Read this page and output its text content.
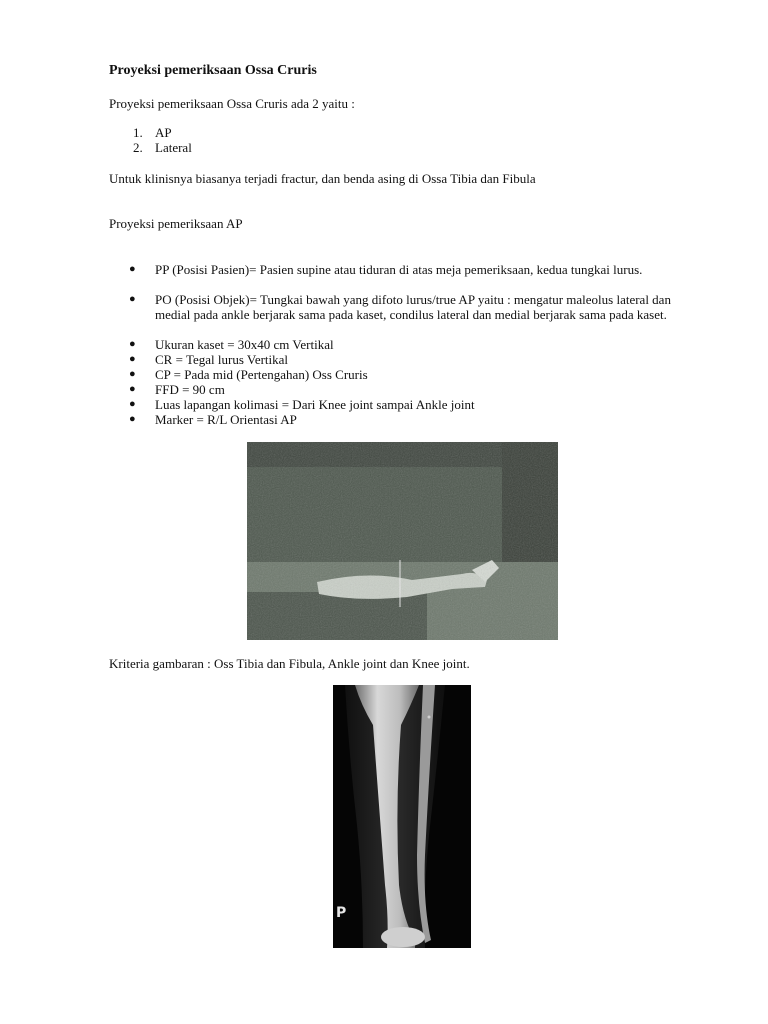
Proyeksi pemeriksaan Ossa Cruris
Proyeksi pemeriksaan Ossa Cruris ada 2 yaitu :
1. AP
2. Lateral
Untuk klinisnya biasanya terjadi fractur, dan benda asing di Ossa Tibia dan Fibula
Proyeksi pemeriksaan AP
● PP (Posisi Pasien)= Pasien supine atau tiduran di atas meja pemeriksaan, kedua tungkai lurus.
● PO (Posisi Objek)= Tungkai bawah yang difoto lurus/true AP yaitu : mengatur maleolus lateral dan medial pada ankle berjarak sama pada kaset, condilus lateral dan medial berjarak sama pada kaset.
● Ukuran kaset = 30x40 cm Vertikal
● CR = Tegal lurus Vertikal
● CP = Pada mid (Pertengahan) Oss Cruris
● FFD = 90 cm
● Luas lapangan kolimasi = Dari Knee joint sampai Ankle joint
● Marker = R/L Orientasi AP
Kriteria gambaran : Oss Tibia dan Fibula, Ankle joint dan Knee joint.
P
